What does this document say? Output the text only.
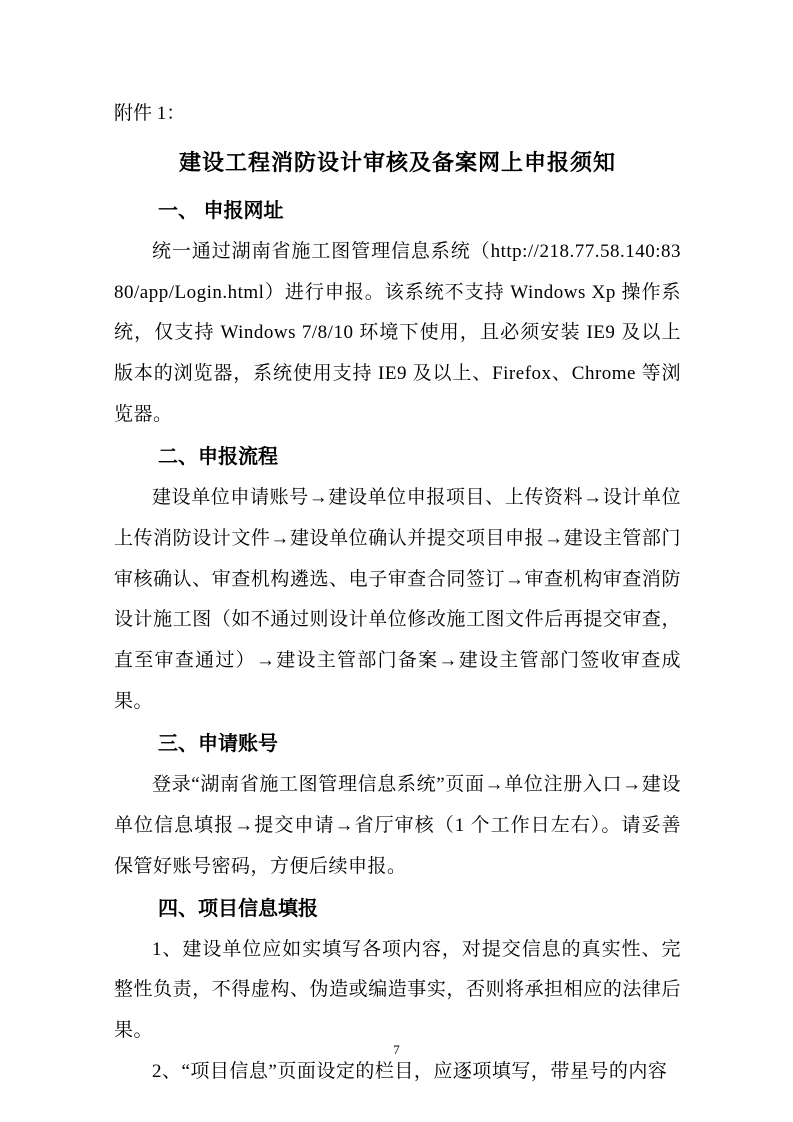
附件 1：
建设工程消防设计审核及备案网上申报须知
一、 申报网址

统一通过湖南省施工图管理信息系统（http://218.77.58.140:8380/app/Login.html）进行申报。该系统不支持 Windows Xp 操作系统，仅支持 Windows 7/8/10 环境下使用，且必须安装 IE9 及以上版本的浏览器，系统使用支持 IE9 及以上、Firefox、Chrome 等浏览器。

二、申报流程

建设单位申请账号→建设单位申报项目、上传资料→设计单位上传消防设计文件→建设单位确认并提交项目申报→建设主管部门审核确认、审查机构遴选、电子审查合同签订→审查机构审查消防设计施工图（如不通过则设计单位修改施工图文件后再提交审查，直至审查通过）→建设主管部门备案→建设主管部门签收审查成果。

三、申请账号

登录“湖南省施工图管理信息系统”页面→单位注册入口→建设单位信息填报→提交申请→省厅审核（1 个工作日左右）。请妥善保管好账号密码，方便后续申报。

四、项目信息填报

1、建设单位应如实填写各项内容，对提交信息的真实性、完整性负责，不得虚构、伪造或编造事实，否则将承担相应的法律后果。

2、“项目信息”页面设定的栏目，应逐项填写，带星号的内容

7
